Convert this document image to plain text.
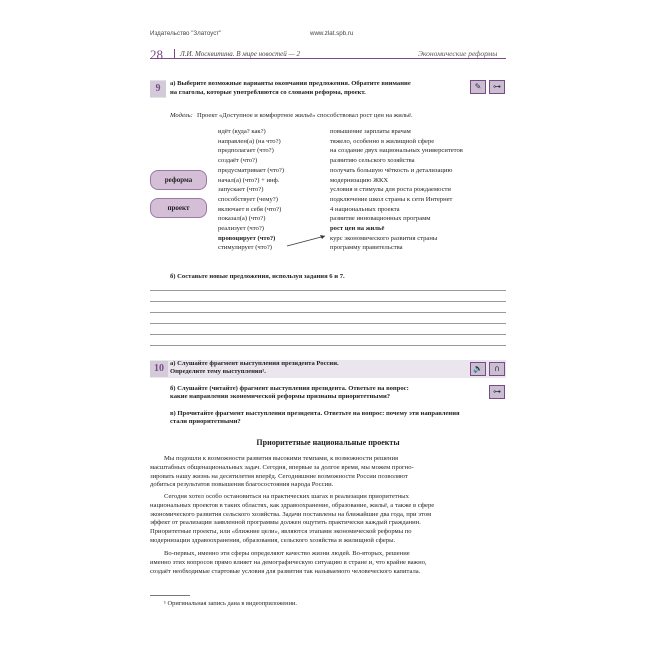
Издательство "Златоуст"	www.zlat.spb.ru
28 Л.И. Москвитина. В мире новостей — 2	Экономические реформы
9	а) Выберите возможные варианты окончания предложения. Обратите внимание
на глаголы, которые употребляются со словами реформа, проект.
✎	⊶
Модель: Проект «Доступное и комфортное жильё» способствовал рост цен на жильё.
реформа
проект
идёт (куда? как?)
направлен(а) (на что?)
предполагает (что?)
создаёт (что?)
предусматривает (что?)
начал(а) (что?) + инф.
запускает (что?)
способствует (чему?)
включает в себя (что?)
показал(а) (что?)
реализует (что?)
провоцирует (что?)
стимулирует (что?)
повышение зарплаты врачам
тяжело, особенно в жилищной сфере
на создание двух национальных университетов
развитию сельского хозяйства
получать большую чёткость и детализацию
модернизацию ЖКХ
условия и стимулы для роста рождаемости
подключение школ страны к сети Интернет
4 национальных проекта
развитие инновационных программ
рост цен на жильё
курс экономического развития страны
программу правительства
б) Составьте новые предложения, используя задания 6 и 7.
10 а) Слушайте фрагмент выступления президента России.
Определите тему выступления¹.	🔊	∩
б) Слушайте (читайте) фрагмент выступления президента. Ответьте на вопрос:
какие направления экономической реформы признаны приоритетными?
⊶
в) Прочитайте фрагмент выступления президента. Ответьте на вопрос: почему эти направления
стали приоритетными?
Приоритетные национальные проекты
Мы подошли к возможности развития высокими темпами, к возможности решения
масштабных общенациональных задач. Сегодня, впервые за долгое время, мы можем прогно-
зировать нашу жизнь на десятилетия вперёд. Сегодняшние возможности России позволяют
добиться результатов повышения благосостояния народа России.
Сегодня хотел особо остановиться на практических шагах в реализации приоритетных
национальных проектов в таких областях, как здравоохранение, образование, жильё, а также в сфере
экономического развития сельского хозяйства. Задачи поставлены на ближайшие два года, при этом
эффект от реализации заявленной программы должен ощутить практически каждый гражданин.
Приоритетные проекты, или «ближние цели», являются этапами экономической реформы по
модернизации здравоохранения, образования, сельского хозяйства и жилищной сферы.
Во-первых, именно эти сферы определяют качество жизни людей. Во-вторых, решение
именно этих вопросов прямо влияет на демографическую ситуацию в стране и, что крайне важно,
создаёт необходимые стартовые условия для развития так называемого человеческого капитала.
¹ Оригинальная запись дана в видеоприложении.
